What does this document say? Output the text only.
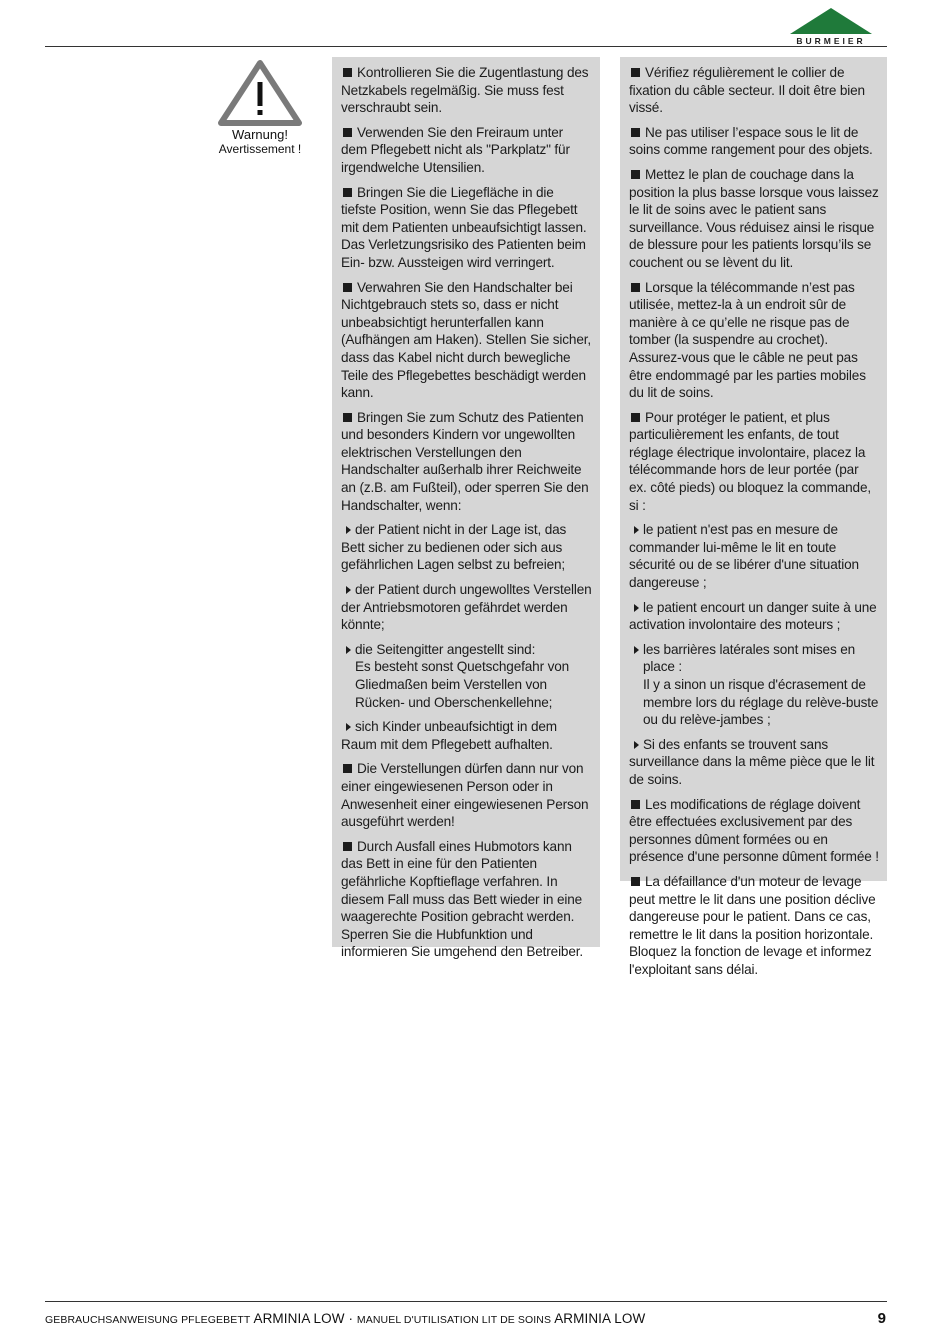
BURMEIER
Warnung!
Avertissement !

Kontrollieren Sie die Zugentlastung des Netzkabels regelmäßig. Sie muss fest verschraubt sein.

Verwenden Sie den Freiraum unter dem Pflegebett nicht als "Parkplatz" für irgendwelche Utensilien.

Bringen Sie die Liegefläche in die tiefste Position, wenn Sie das Pflegebett mit dem Patienten unbeaufsichtigt lassen. Das Verletzungsrisiko des Patienten beim Ein- bzw. Aussteigen wird verringert.

Verwahren Sie den Handschalter bei Nichtgebrauch stets so, dass er nicht unbeabsichtigt herunterfallen kann (Aufhängen am Haken). Stellen Sie sicher, dass das Kabel nicht durch bewegliche Teile des Pflegebettes beschädigt werden kann.

Bringen Sie zum Schutz des Patienten und besonders Kindern vor ungewollten elektrischen Verstellungen den Handschalter außerhalb ihrer Reichweite an (z.B. am Fußteil), oder sperren Sie den Handschalter, wenn:

der Patient nicht in der Lage ist, das Bett sicher zu bedienen oder sich aus gefährlichen Lagen selbst zu befreien;

der Patient durch ungewolltes Verstellen der Antriebsmotoren gefährdet werden könnte;

die Seitengitter angestellt sind:
Es besteht sonst Quetschgefahr von Gliedmaßen beim Verstellen von Rücken- und Oberschenkellehne;

sich Kinder unbeaufsichtigt in dem Raum mit dem Pflegebett aufhalten.

Die Verstellungen dürfen dann nur von einer eingewiesenen Person oder in Anwesenheit einer eingewiesenen Person ausgeführt werden!

Durch Ausfall eines Hubmotors kann das Bett in eine für den Patienten gefährliche Kopftieflage verfahren. In diesem Fall muss das Bett wieder in eine waagerechte Position gebracht werden. Sperren Sie die Hubfunktion und informieren Sie umgehend den Betreiber.

Vérifiez régulièrement le collier de fixation du câble secteur. Il doit être bien vissé.

Ne pas utiliser l’espace sous le lit de soins comme rangement pour des objets.

Mettez le plan de couchage dans la position la plus basse lorsque vous laissez le lit de soins avec le patient sans surveillance. Vous réduisez ainsi le risque de blessure pour les patients lorsqu’ils se couchent ou se lèvent du lit.

Lorsque la télécommande n’est pas utilisée, mettez-la à un endroit sûr de manière à ce qu’elle ne risque pas de tomber (la suspendre au crochet). Assurez-vous que le câble ne peut pas être endommagé par les parties mobiles du lit de soins.

Pour protéger le patient, et plus particulièrement les enfants, de tout réglage électrique involontaire, placez la télécommande hors de leur portée (par ex. côté pieds) ou bloquez la commande, si :

le patient n'est pas en mesure de commander lui-même le lit en toute sécurité ou de se libérer d'une situation dangereuse ;

le patient encourt un danger suite à une activation involontaire des moteurs ;

les barrières latérales sont mises en place :
Il y a sinon un risque d'écrasement de membre lors du réglage du relève-buste ou du relève-jambes ;

Si des enfants se trouvent sans surveillance dans la même pièce que le lit de soins.

Les modifications de réglage doivent être effectuées exclusivement par des personnes dûment formées ou en présence d'une personne dûment formée !

La défaillance d'un moteur de levage peut mettre le lit dans une position déclive dangereuse pour le patient. Dans ce cas, remettre le lit dans la position horizontale. Bloquez la fonction de levage et informez l'exploitant sans délai.

GEBRAUCHSANWEISUNG PFLEGEBETT ARMINIA LOW · MANUEL D'UTILISATION LIT DE SOINS ARMINIA LOW	9
